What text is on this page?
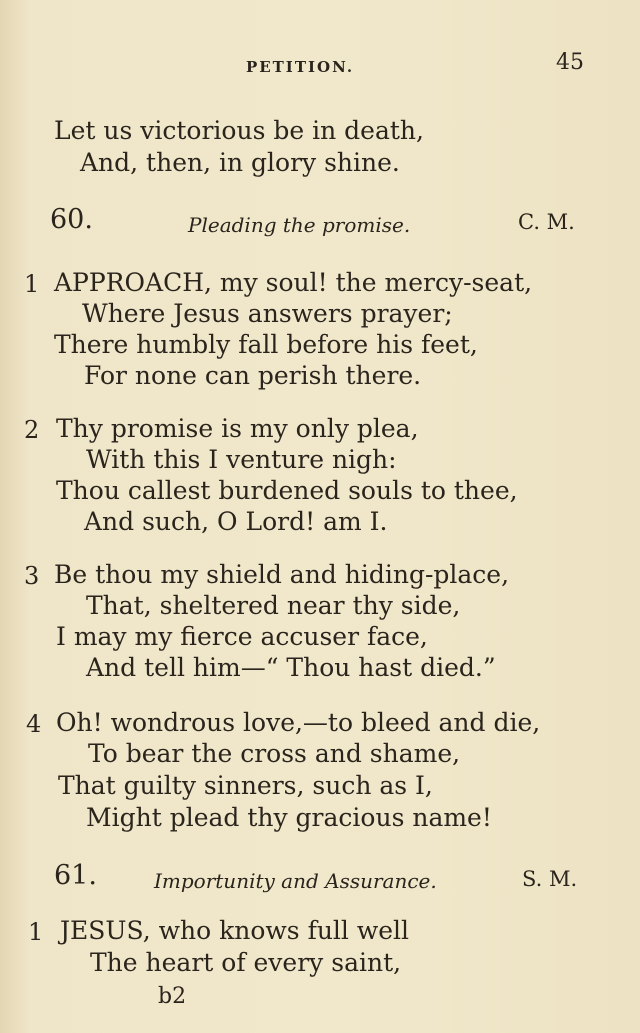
PETITION.	45
Let us victorious be in death,
And, then, in glory shine.
60.	Pleading the promise.	C. M.
1 APPROACH, my soul! the mercy-seat,
Where Jesus answers prayer;
There humbly fall before his feet,
For none can perish there.
2 Thy promise is my only plea,
With this I venture nigh:
Thou callest burdened souls to thee,
And such, O Lord! am I.
3 Be thou my shield and hiding-place,
That, sheltered near thy side,
I may my fierce accuser face,
And tell him—“ Thou hast died.”
4 Oh! wondrous love,—to bleed and die,
To bear the cross and shame,
That guilty sinners, such as I,
Might plead thy gracious name!
61.	Importunity and Assurance.	S. M.
1 JESUS, who knows full well
The heart of every saint,
b2
